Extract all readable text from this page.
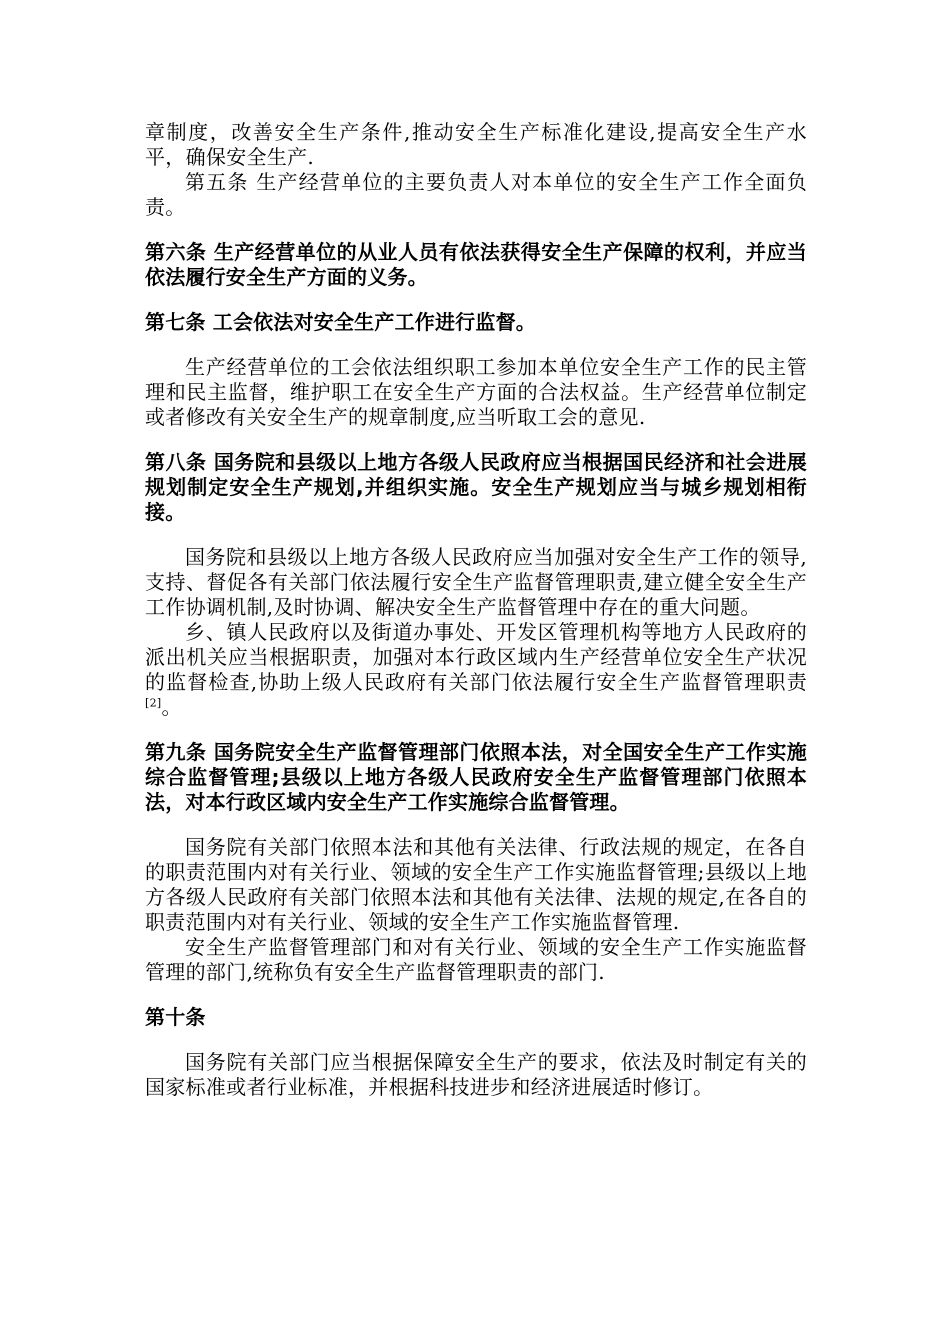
章制度，改善安全生产条件,推动安全生产标准化建设,提高安全生产水平，确保安全生产.

第五条 生产经营单位的主要负责人对本单位的安全生产工作全面负责。

第六条 生产经营单位的从业人员有依法获得安全生产保障的权利，并应当依法履行安全生产方面的义务。

第七条 工会依法对安全生产工作进行监督。

生产经营单位的工会依法组织职工参加本单位安全生产工作的民主管理和民主监督，维护职工在安全生产方面的合法权益。生产经营单位制定或者修改有关安全生产的规章制度,应当听取工会的意见.

第八条 国务院和县级以上地方各级人民政府应当根据国民经济和社会进展规划制定安全生产规划,并组织实施。安全生产规划应当与城乡规划相衔接。

国务院和县级以上地方各级人民政府应当加强对安全生产工作的领导,支持、督促各有关部门依法履行安全生产监督管理职责,建立健全安全生产工作协调机制,及时协调、解决安全生产监督管理中存在的重大问题。

乡、镇人民政府以及街道办事处、开发区管理机构等地方人民政府的派出机关应当根据职责，加强对本行政区域内生产经营单位安全生产状况的监督检查,协助上级人民政府有关部门依法履行安全生产监督管理职责[2]。

第九条 国务院安全生产监督管理部门依照本法，对全国安全生产工作实施综合监督管理;县级以上地方各级人民政府安全生产监督管理部门依照本法，对本行政区域内安全生产工作实施综合监督管理。

国务院有关部门依照本法和其他有关法律、行政法规的规定，在各自的职责范围内对有关行业、领域的安全生产工作实施监督管理;县级以上地方各级人民政府有关部门依照本法和其他有关法律、法规的规定,在各自的职责范围内对有关行业、领域的安全生产工作实施监督管理.

安全生产监督管理部门和对有关行业、领域的安全生产工作实施监督管理的部门,统称负有安全生产监督管理职责的部门.

第十条

国务院有关部门应当根据保障安全生产的要求，依法及时制定有关的国家标准或者行业标准，并根据科技进步和经济进展适时修订。
